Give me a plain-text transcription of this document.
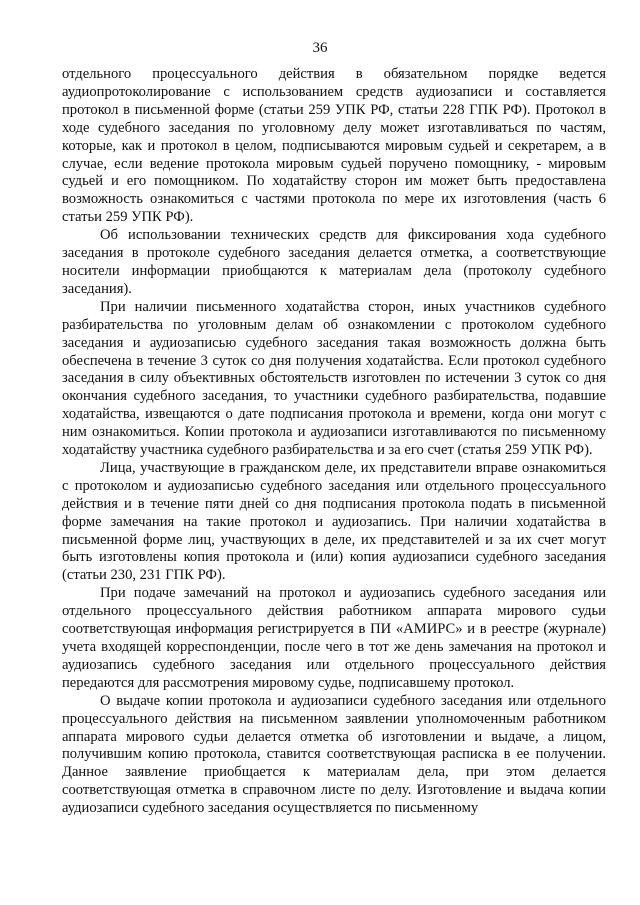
36

отдельного процессуального действия в обязательном порядке ведется аудиопротоколирование с использованием средств аудиозаписи и составляется протокол в письменной форме (статьи 259 УПК РФ, статьи 228 ГПК РФ). Протокол в ходе судебного заседания по уголовному делу может изготавливаться по частям, которые, как и протокол в целом, подписываются мировым судьей и секретарем, а в случае, если ведение протокола мировым судьей поручено помощнику, - мировым судьей и его помощником. По ходатайству сторон им может быть предоставлена возможность ознакомиться с частями протокола по мере их изготовления (часть 6 статьи 259 УПК РФ).

Об использовании технических средств для фиксирования хода судебного заседания в протоколе судебного заседания делается отметка, а соответствующие носители информации приобщаются к материалам дела (протоколу судебного заседания).

При наличии письменного ходатайства сторон, иных участников судебного разбирательства по уголовным делам об ознакомлении с протоколом судебного заседания и аудиозаписью судебного заседания такая возможность должна быть обеспечена в течение 3 суток со дня получения ходатайства. Если протокол судебного заседания в силу объективных обстоятельств изготовлен по истечении 3 суток со дня окончания судебного заседания, то участники судебного разбирательства, подавшие ходатайства, извещаются о дате подписания протокола и времени, когда они могут с ним ознакомиться. Копии протокола и аудиозаписи изготавливаются по письменному ходатайству участника судебного разбирательства и за его счет (статья 259 УПК РФ).

Лица, участвующие в гражданском деле, их представители вправе ознакомиться с протоколом и аудиозаписью судебного заседания или отдельного процессуального действия и в течение пяти дней со дня подписания протокола подать в письменной форме замечания на такие протокол и аудиозапись. При наличии ходатайства в письменной форме лиц, участвующих в деле, их представителей и за их счет могут быть изготовлены копия протокола и (или) копия аудиозаписи судебного заседания (статьи 230, 231 ГПК РФ).

При подаче замечаний на протокол и аудиозапись судебного заседания или отдельного процессуального действия работником аппарата мирового судьи соответствующая информация регистрируется в ПИ «АМИРС» и в реестре (журнале) учета входящей корреспонденции, после чего в тот же день замечания на протокол и аудиозапись судебного заседания или отдельного процессуального действия передаются для рассмотрения мировому судье, подписавшему протокол.

О выдаче копии протокола и аудиозаписи судебного заседания или отдельного процессуального действия на письменном заявлении уполномоченным работником аппарата мирового судьи делается отметка об изготовлении и выдаче, а лицом, получившим копию протокола, ставится соответствующая расписка в ее получении. Данное заявление приобщается к материалам дела, при этом делается соответствующая отметка в справочном листе по делу. Изготовление и выдача копии аудиозаписи судебного заседания осуществляется по письменному
